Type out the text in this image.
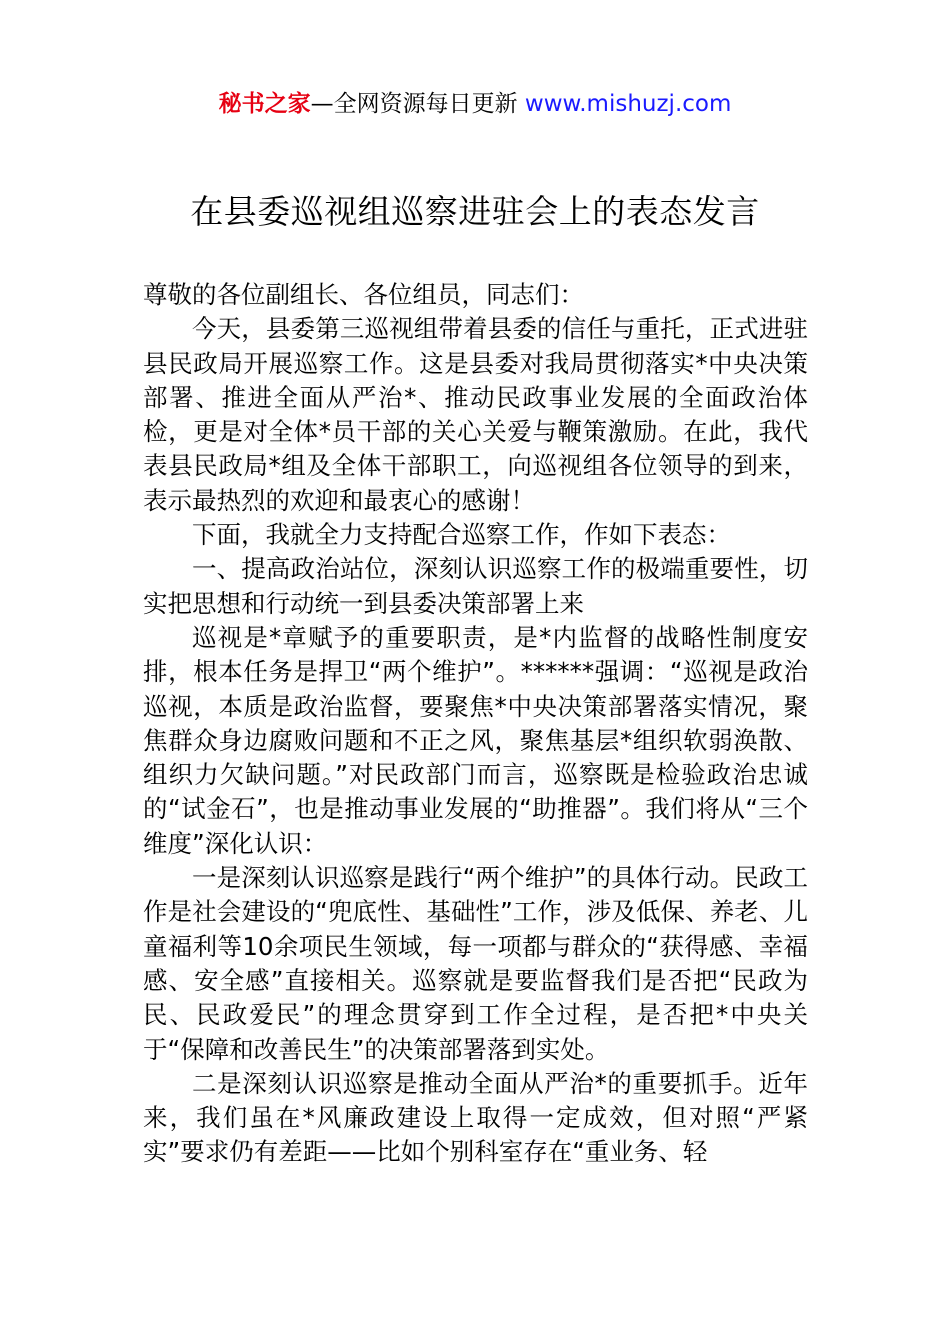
秘书之家—全网资源每日更新 www.mishuzj.com
在县委巡视组巡察进驻会上的表态发言

尊敬的各位副组长、各位组员，同志们：

今天，县委第三巡视组带着县委的信任与重托，正式进驻县民政局开展巡察工作。这是县委对我局贯彻落实*中央决策部署、推进全面从严治*、推动民政事业发展的全面政治体检，更是对全体*员干部的关心关爱与鞭策激励。在此，我代表县民政局*组及全体干部职工，向巡视组各位领导的到来，表示最热烈的欢迎和最衷心的感谢！

下面，我就全力支持配合巡察工作，作如下表态：

一、提高政治站位，深刻认识巡察工作的极端重要性，切实把思想和行动统一到县委决策部署上来

巡视是*章赋予的重要职责，是*内监督的战略性制度安排，根本任务是捍卫“两个维护”。******强调：“巡视是政治巡视，本质是政治监督，要聚焦*中央决策部署落实情况，聚焦群众身边腐败问题和不正之风，聚焦基层*组织软弱涣散、组织力欠缺问题。”对民政部门而言，巡察既是检验政治忠诚的“试金石”，也是推动事业发展的“助推器”。我们将从“三个维度”深化认识：

一是深刻认识巡察是践行“两个维护”的具体行动。民政工作是社会建设的“兜底性、基础性”工作，涉及低保、养老、儿童福利等10余项民生领域，每一项都与群众的“获得感、幸福感、安全感”直接相关。巡察就是要监督我们是否把“民政为民、民政爱民”的理念贯穿到工作全过程，是否把*中央关于“保障和改善民生”的决策部署落到实处。

二是深刻认识巡察是推动全面从严治*的重要抓手。近年来，我们虽在*风廉政建设上取得一定成效，但对照“严紧实”要求仍有差距——比如个别科室存在“重业务、轻
